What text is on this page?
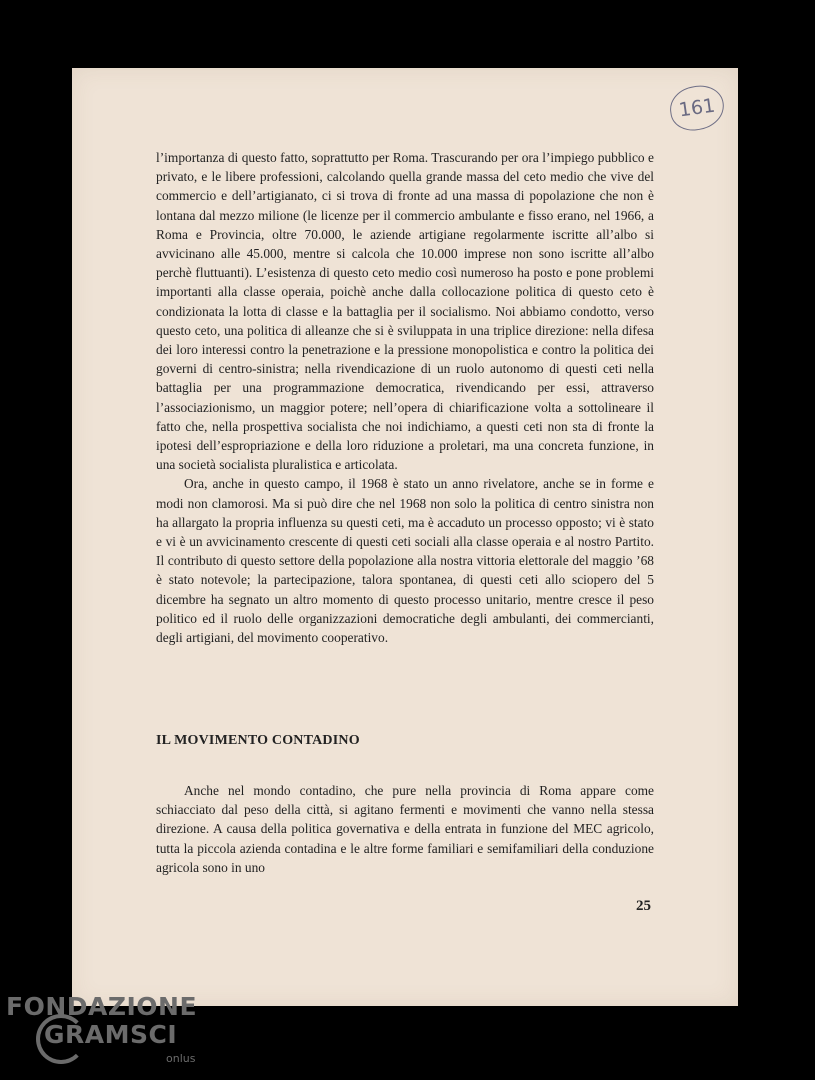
161

l’importanza di questo fatto, soprattutto per Roma. Trascurando per ora l’impiego pubblico e privato, e le libere professioni, calcolando quella grande massa del ceto medio che vive del commercio e dell’artigianato, ci si trova di fronte ad una massa di popolazione che non è lontana dal mezzo milione (le licenze per il commercio ambulante e fisso erano, nel 1966, a Roma e Provincia, oltre 70.000, le aziende artigiane regolarmente iscritte all’albo si avvicinano alle 45.000, mentre si calcola che 10.000 imprese non sono iscritte all’albo perchè fluttuanti). L’esistenza di questo ceto medio così numeroso ha posto e pone problemi importanti alla classe operaia, poichè anche dalla collocazione politica di questo ceto è condizionata la lotta di classe e la battaglia per il socialismo. Noi abbiamo condotto, verso questo ceto, una politica di alleanze che si è sviluppata in una triplice direzione: nella difesa dei loro interessi contro la penetrazione e la pressione monopolistica e contro la politica dei governi di centro-sinistra; nella rivendicazione di un ruolo autonomo di questi ceti nella battaglia per una programmazione democratica, rivendicando per essi, attraverso l’associazionismo, un maggior potere; nell’opera di chiarificazione volta a sottolineare il fatto che, nella prospettiva socialista che noi indichiamo, a questi ceti non sta di fronte la ipotesi dell’espropriazione e della loro riduzione a proletari, ma una concreta funzione, in una società socialista pluralistica e articolata.

Ora, anche in questo campo, il 1968 è stato un anno rivelatore, anche se in forme e modi non clamorosi. Ma si può dire che nel 1968 non solo la politica di centro sinistra non ha allargato la propria influenza su questi ceti, ma è accaduto un processo opposto; vi è stato e vi è un avvicinamento crescente di questi ceti sociali alla classe operaia e al nostro Partito. Il contributo di questo settore della popolazione alla nostra vittoria elettorale del maggio ’68 è stato notevole; la partecipazione, talora spontanea, di questi ceti allo sciopero del 5 dicembre ha segnato un altro momento di questo processo unitario, mentre cresce il peso politico ed il ruolo delle organizzazioni democratiche degli ambulanti, dei commercianti, degli artigiani, del movimento cooperativo.

IL MOVIMENTO CONTADINO

Anche nel mondo contadino, che pure nella provincia di Roma appare come schiacciato dal peso della città, si agitano fermenti e movimenti che vanno nella stessa direzione. A causa della politica governativa e della entrata in funzione del MEC agricolo, tutta la piccola azienda contadina e le altre forme familiari e semifamiliari della conduzione agricola sono in uno

25
FONDAZIONE
GRAMSCI
onlus
